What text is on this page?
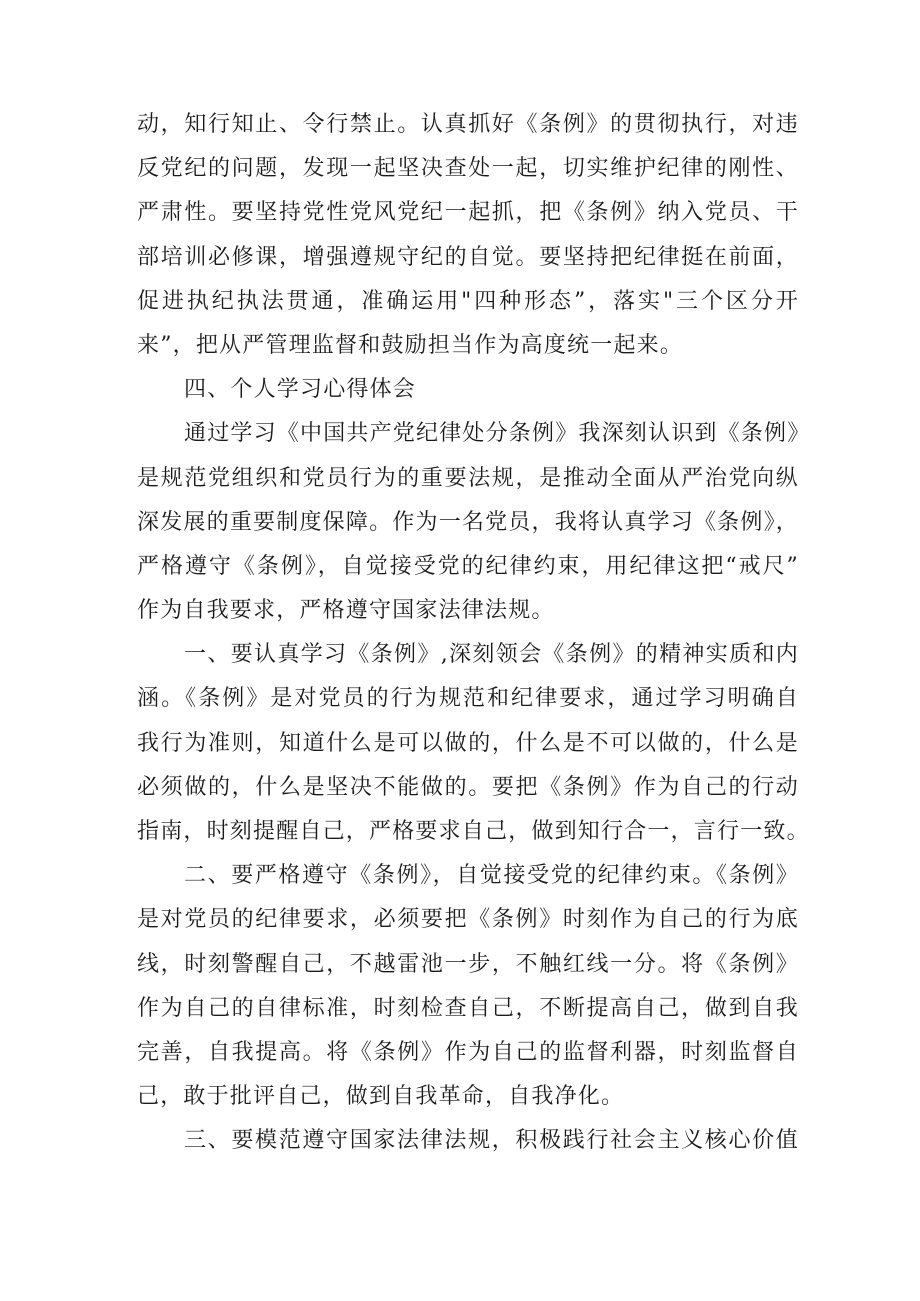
动，知行知止、令行禁止。认真抓好《条例》的贯彻执行，对违
反党纪的问题，发现一起坚决查处一起，切实维护纪律的刚性、
严肃性。要坚持党性党风党纪一起抓，把《条例》纳入党员、干
部培训必修课，增强遵规守纪的自觉。要坚持把纪律挺在前面，
促进执纪执法贯通，准确运用"四种形态”，落实"三个区分开
来”，把从严管理监督和鼓励担当作为高度统一起来。
四、个人学习心得体会
通过学习《中国共产党纪律处分条例》我深刻认识到《条例》
是规范党组织和党员行为的重要法规，是推动全面从严治党向纵
深发展的重要制度保障。作为一名党员，我将认真学习《条例》，
严格遵守《条例》，自觉接受党的纪律约束，用纪律这把“戒尺”
作为自我要求，严格遵守国家法律法规。
一、要认真学习《条例》,深刻领会《条例》的精神实质和内
涵。《条例》是对党员的行为规范和纪律要求，通过学习明确自
我行为准则，知道什么是可以做的，什么是不可以做的，什么是
必须做的，什么是坚决不能做的。要把《条例》作为自己的行动
指南，时刻提醒自己，严格要求自己，做到知行合一，言行一致。
二、要严格遵守《条例》，自觉接受党的纪律约束。《条例》
是对党员的纪律要求，必须要把《条例》时刻作为自己的行为底
线，时刻警醒自己，不越雷池一步，不触红线一分。将《条例》
作为自己的自律标准，时刻检查自己，不断提高自己，做到自我
完善，自我提高。将《条例》作为自己的监督利器，时刻监督自
己，敢于批评自己，做到自我革命，自我净化。
三、要模范遵守国家法律法规，积极践行社会主义核心价值
